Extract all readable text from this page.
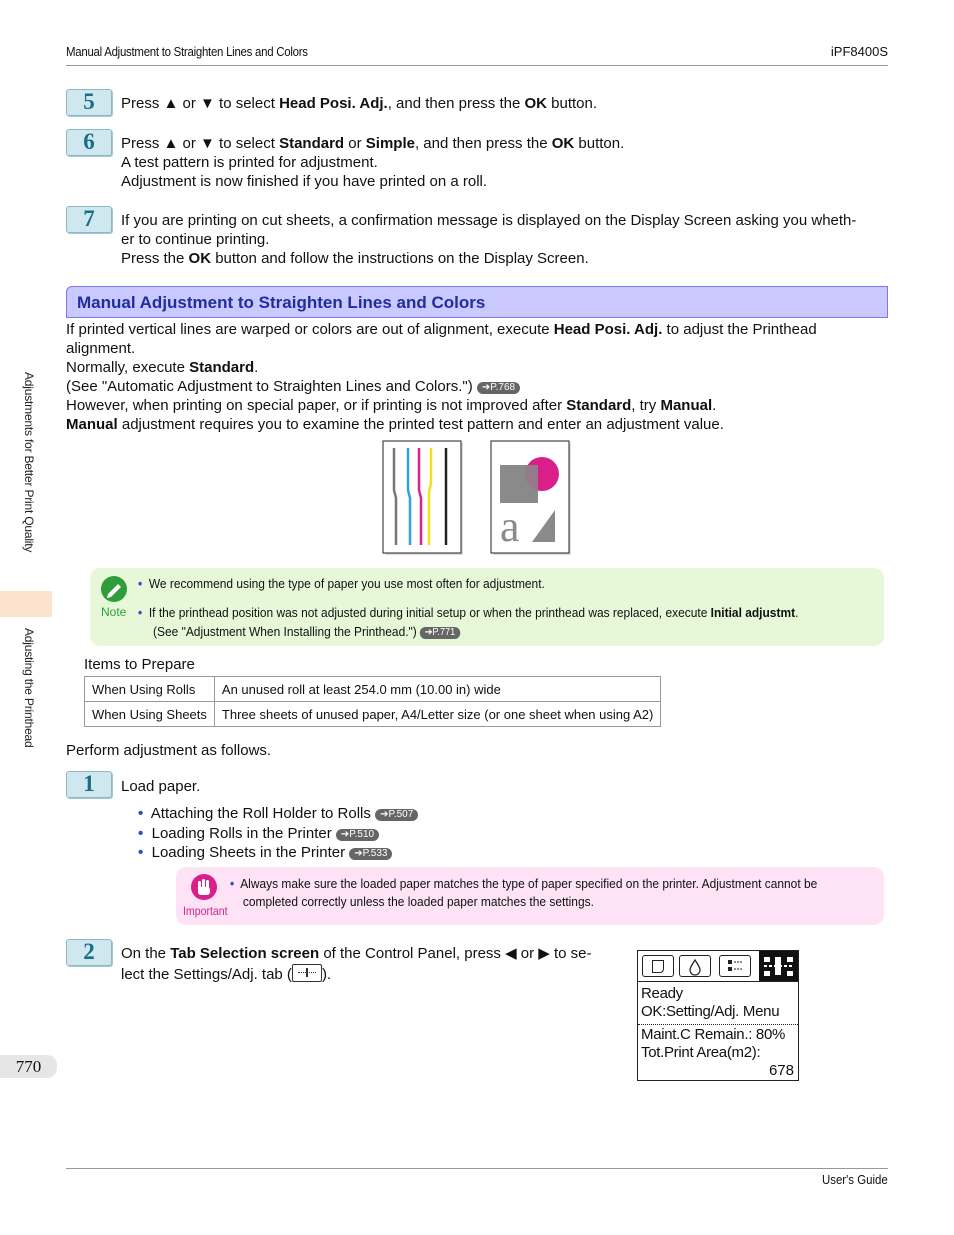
Manual Adjustment to Straighten Lines and Colors	iPF8400S
Adjustments for Better Print Quality
Adjusting the Printhead
770
5	Press ▲ or ▼ to select Head Posi. Adj., and then press the OK button.
6	Press ▲ or ▼ to select Standard or Simple, and then press the OK button.
A test pattern is printed for adjustment.
Adjustment is now finished if you have printed on a roll.
7	If you are printing on cut sheets, a confirmation message is displayed on the Display Screen asking you wheth-
er to continue printing.
Press the OK button and follow the instructions on the Display Screen.
Manual Adjustment to Straighten Lines and Colors
If printed vertical lines are warped or colors are out of alignment, execute Head Posi. Adj. to adjust the Printhead
alignment.
Normally, execute Standard.
(See "Automatic Adjustment to Straighten Lines and Colors.") ➔P.768
However, when printing on special paper, or if printing is not improved after Standard, try Manual.
Manual adjustment requires you to examine the printed test pattern and enter an adjustment value.
a
Note
• We recommend using the type of paper you use most often for adjustment.
• If the printhead position was not adjusted during initial setup or when the printhead was replaced, execute Initial adjustmt.
(See "Adjustment When Installing the Printhead.") ➔P.771
Items to Prepare
When Using Rolls	An unused roll at least 254.0 mm (10.00 in) wide
When Using Sheets	Three sheets of unused paper, A4/Letter size (or one sheet when using A2)
Perform adjustment as follows.
1	Load paper.
• Attaching the Roll Holder to Rolls ➔P.507
• Loading Rolls in the Printer ➔P.510
• Loading Sheets in the Printer ➔P.533
Important
• Always make sure the loaded paper matches the type of paper specified on the printer. Adjustment cannot be
completed correctly unless the loaded paper matches the settings.
2	On the Tab Selection screen of the Control Panel, press ◀ or ▶ to se-
lect the Settings/Adj. tab ( ).
Ready
OK:Setting/Adj. Menu
Maint.C Remain.: 80%
Tot.Print Area(m2):
678
User's Guide
